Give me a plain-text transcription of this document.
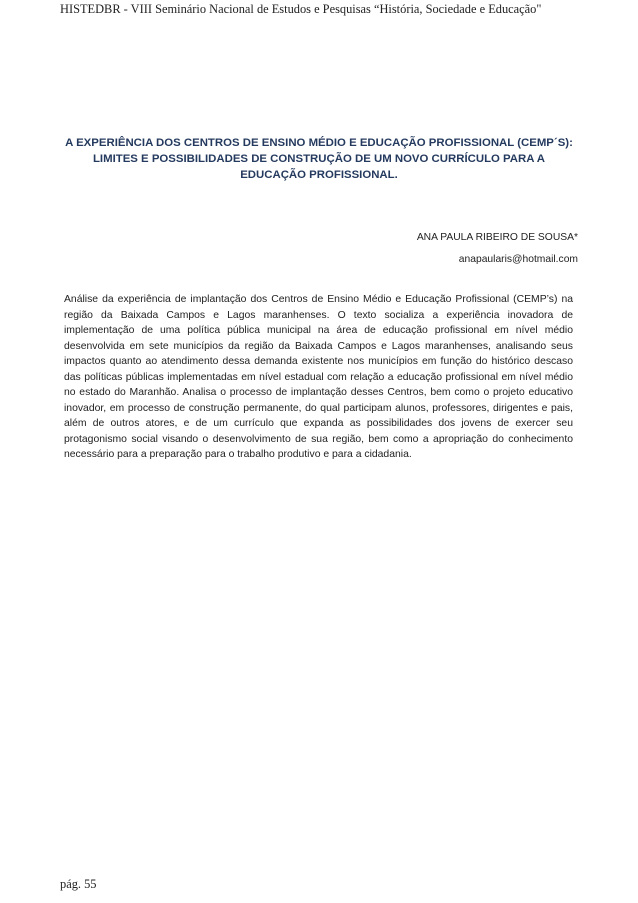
HISTEDBR - VIII Seminário Nacional de Estudos e Pesquisas “História, Sociedade e Educação"
A EXPERIÊNCIA DOS CENTROS DE ENSINO MÉDIO E EDUCAÇÃO PROFISSIONAL (CEMP´S): LIMITES E POSSIBILIDADES DE CONSTRUÇÃO DE UM NOVO CURRÍCULO PARA A EDUCAÇÃO PROFISSIONAL.
ANA PAULA RIBEIRO DE SOUSA*
anapaularis@hotmail.com

Análise da experiência de implantação dos Centros de Ensino Médio e Educação Profissional (CEMP’s) na região da Baixada Campos e Lagos maranhenses. O texto socializa a experiência inovadora de implementação de uma política pública municipal na área de educação profissional em nível médio desenvolvida em sete municípios da região da Baixada Campos e Lagos maranhenses, analisando seus impactos quanto ao atendimento dessa demanda existente nos municípios em função do histórico descaso das políticas públicas implementadas em nível estadual com relação a educação profissional em nível médio no estado do Maranhão. Analisa o processo de implantação desses Centros, bem como o projeto educativo inovador, em processo de construção permanente, do qual participam alunos, professores, dirigentes e pais, além de outros atores, e de um currículo que expanda as possibilidades dos jovens de exercer seu protagonismo social visando o desenvolvimento de sua região, bem como a apropriação do conhecimento necessário para a preparação para o trabalho produtivo e para a cidadania.

pág. 55
